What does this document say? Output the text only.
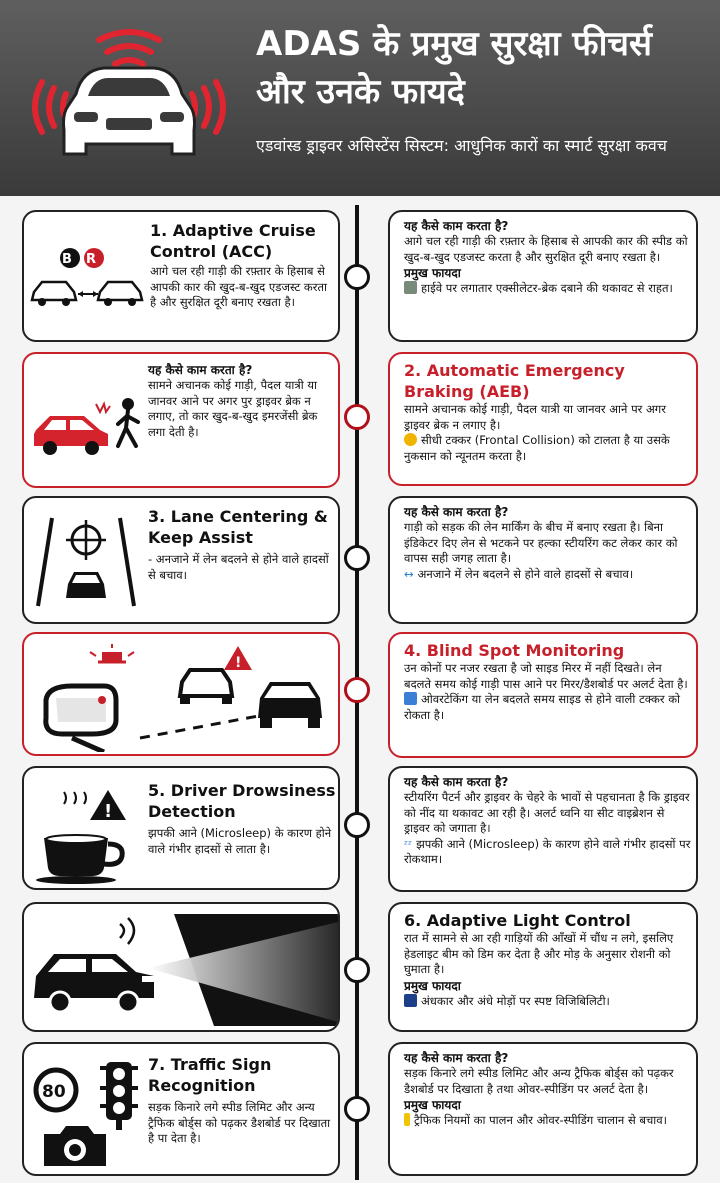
ADAS के प्रमुख सुरक्षा फीचर्स और उनके फायदे
एडवांस्ड ड्राइवर असिस्टेंस सिस्टम: आधुनिक कारों का स्मार्ट सुरक्षा कवच
B R
1. Adaptive Cruise Control (ACC)
आगे चल रही गाड़ी की रफ़्तार के हिसाब से आपकी कार की खुद-ब-खुद एडजस्ट करता है और सुरक्षित दूरी बनाए रखता है।
यह कैसे काम करता है?
आगे चल रही गाड़ी की रफ़्तार के हिसाब से आपकी कार की स्पीड को खुद-ब-खुद एडजस्ट करता है और सुरक्षित दूरी बनाए रखता है।
प्रमुख फायदा
हाईवे पर लगातार एक्सीलेटर-ब्रेक दबाने की थकावट से राहत।
यह कैसे काम करता है?
सामने अचानक कोई गाड़ी, पैदल यात्री या जानवर आने पर अगर पुर ड्राइवर ब्रेक न लगाए, तो कार खुद-ब-खुद इमरजेंसी ब्रेक लगा देती है।
2. Automatic Emergency Braking (AEB)
सामने अचानक कोई गाड़ी, पैदल यात्री या जानवर आने पर अगर ड्राइवर ब्रेक न लगाए है।
सीधी टक्कर (Frontal Collision) को टालता है या उसके नुकसान को न्यूनतम करता है।
3. Lane Centering & Keep Assist
- अनजाने में लेन बदलने से होने वाले हादसों से बचाव।
यह कैसे काम करता है?
गाड़ी को सड़क की लेन मार्किंग के बीच में बनाए रखता है। बिना इंडिकेटर दिए लेन से भटकने पर हल्का स्टीयरिंग कट लेकर कार को वापस सही जगह लाता है।
↔ अनजाने में लेन बदलने से होने वाले हादसों से बचाव।
!
4. Blind Spot Monitoring
उन कोनों पर नजर रखता है जो साइड मिरर में नहीं दिखते। लेन बदलते समय कोई गाड़ी पास आने पर मिरर/डैशबोर्ड पर अलर्ट देता है।
ओवरटेकिंग या लेन बदलते समय साइड से होने वाली टक्कर को रोकता है।
!
5. Driver Drowsiness Detection
झपकी आने (Microsleep) के कारण होने वाले गंभीर हादसों से लाता है।
यह कैसे काम करता है?
स्टीयरिंग पैटर्न और ड्राइवर के चेहरे के भावों से पहचानता है कि ड्राइवर को नींद या थकावट आ रही है। अलर्ट ध्वनि या सीट वाइब्रेशन से ड्राइवर को जगाता है।
ᶻᶻ झपकी आने (Microsleep) के कारण होने वाले गंभीर हादसों पर रोकथाम।
6. Adaptive Light Control
रात में सामने से आ रही गाड़ियों की ऑंखों में चौंध न लगे, इसलिए हेडलाइट बीम को डिम कर देता है और मोड़ के अनुसार रोशनी को घुमाता है।
प्रमुख फायदा
अंधकार और अंधे मोड़ों पर स्पष्ट विजिबिलिटी।
80
7. Traffic Sign Recognition
सड़क किनारे लगे स्पीड लिमिट और अन्य ट्रैफिक बोर्ड्स को पढ़कर डैशबोर्ड पर दिखाता है पा देता है।
यह कैसे काम करता है?
सड़क किनारे लगे स्पीड लिमिट और अन्य ट्रैफिक बोर्ड्स को पढ़कर डैशबोर्ड पर दिखाता है तथा ओवर-स्पीडिंग पर अलर्ट देता है।
प्रमुख फायदा
ट्रैफिक नियमों का पालन और ओवर-स्पीडिंग चालान से बचाव।
